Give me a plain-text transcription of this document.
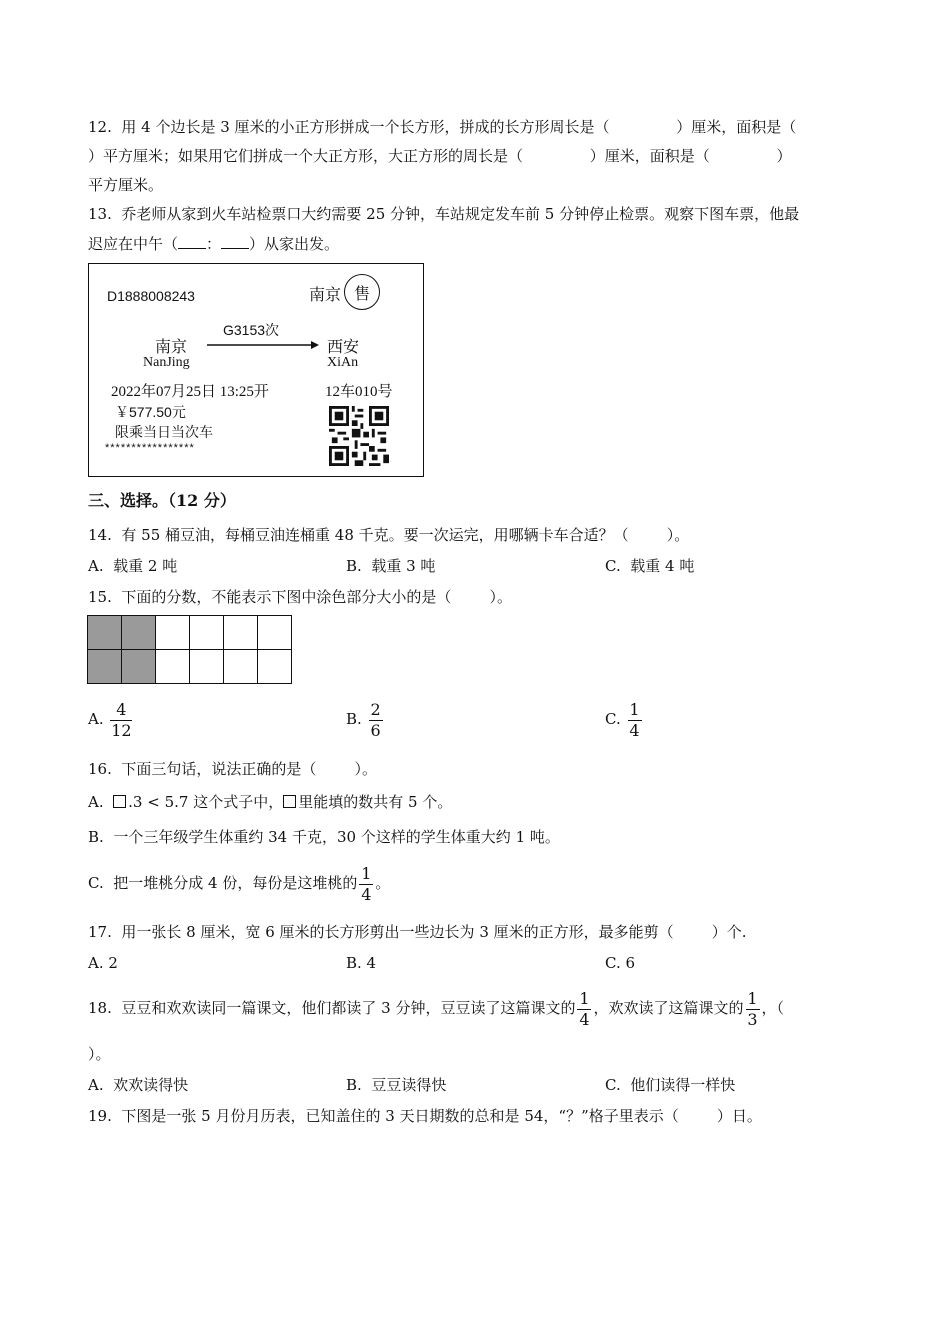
12.  用 4 个边长是 3 厘米的小正方形拼成一个长方形，拼成的长方形周长是（              ）厘米，面积是（
）平方厘米；如果用它们拼成一个大正方形，大正方形的周长是（              ）厘米，面积是（              ）
平方厘米。
13.  乔老师从家到火车站检票口大约需要 25 分钟，车站规定发车前 5 分钟停止检票。观察下图车票，他最
迟应在中午（ ： ）从家出发。
D1888008243	南京 售
G3153次
南京
NanJing
西安
XiAn
2022年07月25日 13:25开	12车010号
￥577.50元
限乘当日当次车
*****************
三、选择。（12 分）
14.  有 55 桶豆油，每桶豆油连桶重 48 千克。要一次运完，用哪辆卡车合适？（        ）。
A.  载重 2 吨	B.  载重 3 吨	C.  载重 4 吨
15.  下面的分数，不能表示下图中涂色部分大小的是（        ）。
A. $\frac{4}{12}$	B. $\frac{2}{6}$	C. $\frac{1}{4}$
16.  下面三句话，说法正确的是（        ）。
A. .3 < 5.7 这个式子中， 里能填的数共有 5 个。
B.  一个三年级学生体重约 34 千克，30 个这样的学生体重大约 1 吨。
C.  把一堆桃分成 4 份，每份是这堆桃的 $\frac{1}{4}$ 。
17.  用一张长 8 厘米，宽 6 厘米的长方形剪出一些边长为 3 厘米的正方形，最多能剪（        ）个.
A. 2	B. 4	C. 6
18.  豆豆和欢欢读同一篇课文，他们都读了 3 分钟，豆豆读了这篇课文的 $\frac{1}{4}$ ，欢欢读了这篇课文的 $\frac{1}{3}$ ，（
）。
A.  欢欢读得快	B.  豆豆读得快	C.  他们读得一样快
19.  下图是一张 5 月份月历表，已知盖住的 3 天日期数的总和是 54，“？”格子里表示（        ）日。
